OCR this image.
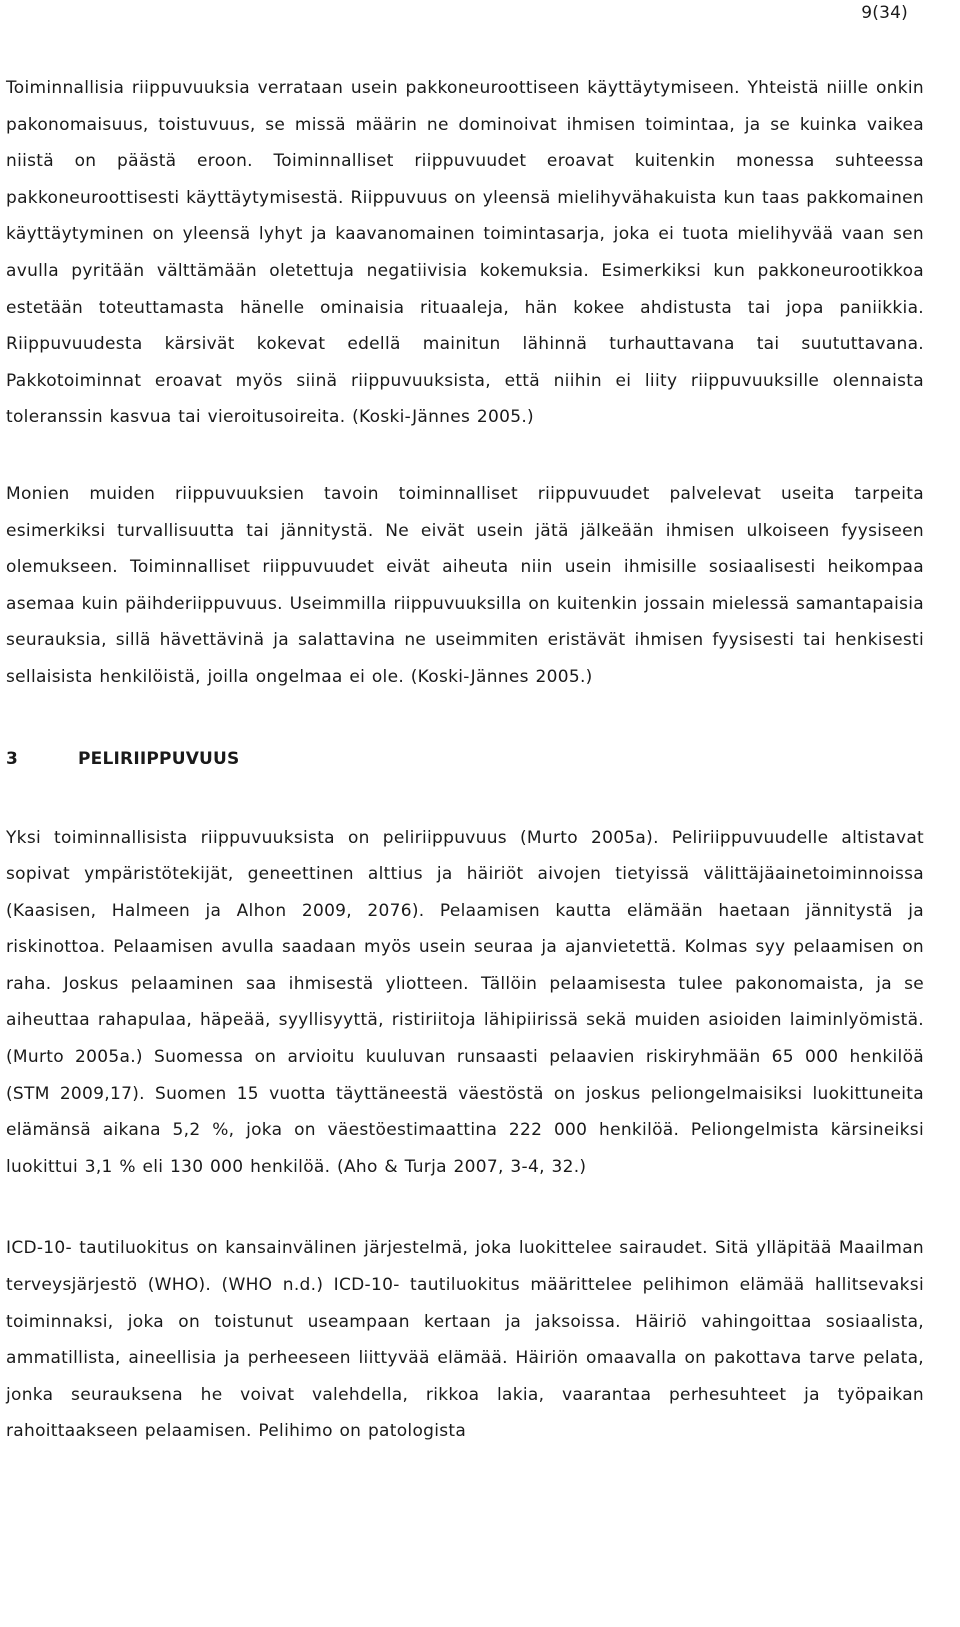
9(34)

Toiminnallisia riippuvuuksia verrataan usein pakkoneuroottiseen käyttäytymiseen. Yhteistä niille onkin pakonomaisuus, toistuvuus, se missä määrin ne dominoivat ihmisen toimintaa, ja se kuinka vaikea niistä on päästä eroon. Toiminnalliset riippuvuudet eroavat kuitenkin monessa suhteessa pakkoneuroottisesti käyttäytymisestä. Riippuvuus on yleensä mielihyvähakuista kun taas pakkomainen käyttäytyminen on yleensä lyhyt ja kaavanomainen toimintasarja, joka ei tuota mielihyvää vaan sen avulla pyritään välttämään oletettuja negatiivisia kokemuksia. Esimerkiksi kun pakkoneurootikkoa estetään toteuttamasta hänelle ominaisia rituaaleja, hän kokee ahdistusta tai jopa paniikkia. Riippuvuudesta kärsivät kokevat edellä mainitun lähinnä turhauttavana tai suututtavana. Pakkotoiminnat eroavat myös siinä riippuvuuksista, että niihin ei liity riippuvuuksille olennaista toleranssin kasvua tai vieroitusoireita. (Koski-Jännes 2005.)

Monien muiden riippuvuuksien tavoin toiminnalliset riippuvuudet palvelevat useita tarpeita esimerkiksi turvallisuutta tai jännitystä. Ne eivät usein jätä jälkeään ihmisen ulkoiseen fyysiseen olemukseen. Toiminnalliset riippuvuudet eivät aiheuta niin usein ihmisille sosiaalisesti heikompaa asemaa kuin päihderiippuvuus. Useimmilla riippuvuuksilla on kuitenkin jossain mielessä samantapaisia seurauksia, sillä hävettävinä ja salattavina ne useimmiten eristävät ihmisen fyysisesti tai henkisesti sellaisista henkilöistä, joilla ongelmaa ei ole. (Koski-Jännes 2005.)

3	PELIRIIPPUVUUS

Yksi toiminnallisista riippuvuuksista on peliriippuvuus (Murto 2005a). Peliriippuvuudelle altistavat sopivat ympäristötekijät, geneettinen alttius ja häiriöt aivojen tietyissä välittäjäainetoiminnoissa (Kaasisen, Halmeen ja Alhon 2009, 2076). Pelaamisen kautta elämään haetaan jännitystä ja riskinottoa. Pelaamisen avulla saadaan myös usein seuraa ja ajanvietettä. Kolmas syy pelaamisen on raha. Joskus pelaaminen saa ihmisestä yliotteen. Tällöin pelaamisesta tulee pakonomaista, ja se aiheuttaa rahapulaa, häpeää, syyllisyyttä, ristiriitoja lähipiirissä sekä muiden asioiden laiminlyömistä. (Murto 2005a.) Suomessa on arvioitu kuuluvan runsaasti pelaavien riskiryhmään 65 000 henkilöä (STM 2009,17). Suomen 15 vuotta täyttäneestä väestöstä on joskus peliongelmaisiksi luokittuneita elämänsä aikana 5,2 %, joka on väestöestimaattina 222 000 henkilöä. Peliongelmista kärsineiksi luokittui 3,1 % eli 130 000 henkilöä. (Aho & Turja 2007, 3-4, 32.)

ICD-10- tautiluokitus on kansainvälinen järjestelmä, joka luokittelee sairaudet. Sitä ylläpitää Maailman terveysjärjestö (WHO). (WHO n.d.) ICD-10- tautiluokitus määrittelee pelihimon elämää hallitsevaksi toiminnaksi, joka on toistunut useampaan kertaan ja jaksoissa. Häiriö vahingoittaa sosiaalista, ammatillista, aineellisia ja perheeseen liittyvää elämää. Häiriön omaavalla on pakottava tarve pelata, jonka seurauksena he voivat valehdella, rikkoa lakia, vaarantaa perhesuhteet ja työpaikan rahoittaakseen pelaamisen. Pelihimo on patologista
